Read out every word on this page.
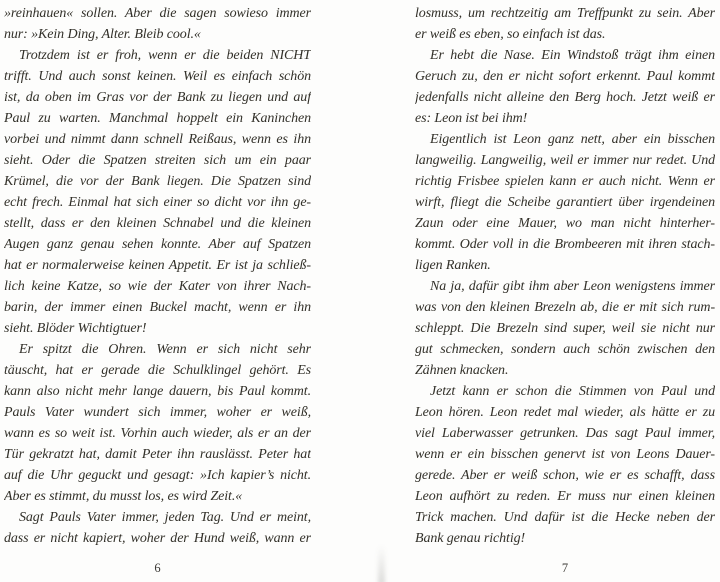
»reinhauen« sollen. Aber die sagen sowieso immer
nur: »Kein Ding, Alter. Bleib cool.«
Trotzdem ist er froh, wenn er die beiden NICHT
trifft. Und auch sonst keinen. Weil es einfach schön
ist, da oben im Gras vor der Bank zu liegen und auf
Paul zu warten. Manchmal hoppelt ein Kaninchen
vorbei und nimmt dann schnell Reißaus, wenn es ihn
sieht. Oder die Spatzen streiten sich um ein paar
Krümel, die vor der Bank liegen. Die Spatzen sind
echt frech. Einmal hat sich einer so dicht vor ihn ge-
stellt, dass er den kleinen Schnabel und die kleinen
Augen ganz genau sehen konnte. Aber auf Spatzen
hat er normalerweise keinen Appetit. Er ist ja schließ-
lich keine Katze, so wie der Kater von ihrer Nach-
barin, der immer einen Buckel macht, wenn er ihn
sieht. Blöder Wichtigtuer!
Er spitzt die Ohren. Wenn er sich nicht sehr
täuscht, hat er gerade die Schulklingel gehört. Es
kann also nicht mehr lange dauern, bis Paul kommt.
Pauls Vater wundert sich immer, woher er weiß,
wann es so weit ist. Vorhin auch wieder, als er an der
Tür gekratzt hat, damit Peter ihn rauslässt. Peter hat
auf die Uhr geguckt und gesagt: »Ich kapier’s nicht.
Aber es stimmt, du musst los, es wird Zeit.«
Sagt Pauls Vater immer, jeden Tag. Und er meint,
dass er nicht kapiert, woher der Hund weiß, wann er
losmuss, um rechtzeitig am Treffpunkt zu sein. Aber
er weiß es eben, so einfach ist das.
Er hebt die Nase. Ein Windstoß trägt ihm einen
Geruch zu, den er nicht sofort erkennt. Paul kommt
jedenfalls nicht alleine den Berg hoch. Jetzt weiß er
es: Leon ist bei ihm!
Eigentlich ist Leon ganz nett, aber ein bisschen
langweilig. Langweilig, weil er immer nur redet. Und
richtig Frisbee spielen kann er auch nicht. Wenn er
wirft, fliegt die Scheibe garantiert über irgendeinen
Zaun oder eine Mauer, wo man nicht hinterher-
kommt. Oder voll in die Brombeeren mit ihren stach-
ligen Ranken.
Na ja, dafür gibt ihm aber Leon wenigstens immer
was von den kleinen Brezeln ab, die er mit sich rum-
schleppt. Die Brezeln sind super, weil sie nicht nur
gut schmecken, sondern auch schön zwischen den
Zähnen knacken.
Jetzt kann er schon die Stimmen von Paul und
Leon hören. Leon redet mal wieder, als hätte er zu
viel Laberwasser getrunken. Das sagt Paul immer,
wenn er ein bisschen genervt ist von Leons Dauer-
gerede. Aber er weiß schon, wie er es schafft, dass
Leon aufhört zu reden. Er muss nur einen kleinen
Trick machen. Und dafür ist die Hecke neben der
Bank genau richtig!
6	7
